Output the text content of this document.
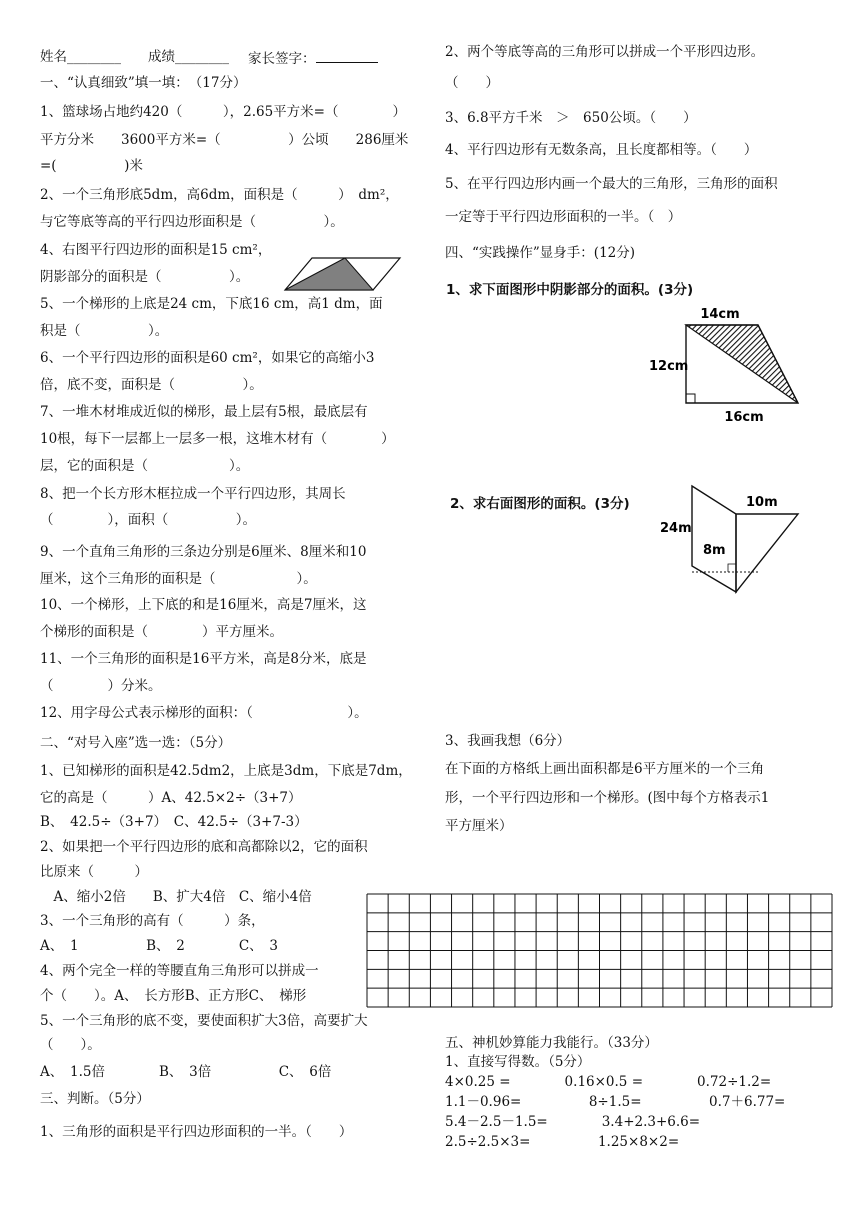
姓名________ 成绩________ 家长签字：
一、“认真细致”填一填：　（17分）
1、篮球场占地约420（　　　），2.65平方米=（　　　　）
平方分米　　3600平方米=（　　　　　）公顷　　286厘米
=(　　　　　)米
2、一个三角形底5dm，高6dm，面积是（　　　）　dm²，
与它等底等高的平行四边形面积是（　　　　　）。
4、右图平行四边形的面积是15 cm²，
阴影部分的面积是（　　　　　）。
5、一个梯形的上底是24 cm，下底16 cm，高1 dm，面
积是（　　　　　）。
6、一个平行四边形的面积是60 cm²，如果它的高缩小3
倍，底不变，面积是（　　　　　）。
7、一堆木材堆成近似的梯形，最上层有5根，最底层有
10根，每下一层都上一层多一根，这堆木材有（　　　　）
层，它的面积是（　　　　　　）。
8、把一个长方形木框拉成一个平行四边形，其周长
（　　　　），面积（　　　　　）。
9、一个直角三角形的三条边分别是6厘米、8厘米和10
厘米，这个三角形的面积是（　　　　　　）。
10、一个梯形，上下底的和是16厘米，高是7厘米，这
个梯形的面积是（　　　　）平方厘米。
11、一个三角形的面积是16平方米，高是8分米，底是
（　　　　）分米。
12、用字母公式表示梯形的面积：（　　　　　　　）。
二、“对号入座”选一选：（5分）
1、已知梯形的面积是42.5dm2，上底是3dm，下底是7dm，
它的高是（　　　）A、42.5×2÷（3+7）
B、　42.5÷（3+7）　C、42.5÷（3+7-3）
2、如果把一个平行四边形的底和高都除以2，它的面积
比原来（　　　）
　A、缩小2倍　　B、扩大4倍　C、缩小4倍
3、一个三角形的高有（　　　）条，
A、　1　　　　　B、　2　　　　C、　3
4、两个完全一样的等腰直角三角形可以拼成一
个（　　）。A、　长方形B、正方形C、　梯形
5、一个三角形的底不变，要使面积扩大3倍，高要扩大
（　　）。
A、　1.5倍　　　　B、　3倍　　　　　C、　6倍
三、判断。（5分）
1、三角形的面积是平行四边形面积的一半。（　　）
2、两个等底等高的三角形可以拼成一个平形四边形。
（　　）
3、6.8平方千米　＞　650公顷。（　　）
4、平行四边形有无数条高，且长度都相等。（　　）
5、在平行四边形内画一个最大的三角形，三角形的面积
一定等于平行四边形面积的一半。（　）
四、“实践操作”显身手：(12分)
3、我画我想（6分）
在下面的方格纸上画出面积都是6平方厘米的一个三角
形，一个平行四边形和一个梯形。(图中每个方格表示1
平方厘米）
五、神机妙算能力我能行。（33分）
1、直接写得数。（5分）
4×0.25 =　　　　0.16×0.5 =　　　　0.72÷1.2=
1.1－0.96=　　　　　8÷1.5=　　　　　0.7＋6.77=
5.4－2.5－1.5=　　　　3.4+2.3+6.6=
2.5÷2.5×3=　　　　　1.25×8×2=
1、求下面图形中阴影部分的面积。(3分)
2、求右面图形的面积。(3分)
14cm
12cm
16cm
10m
24m
8m
